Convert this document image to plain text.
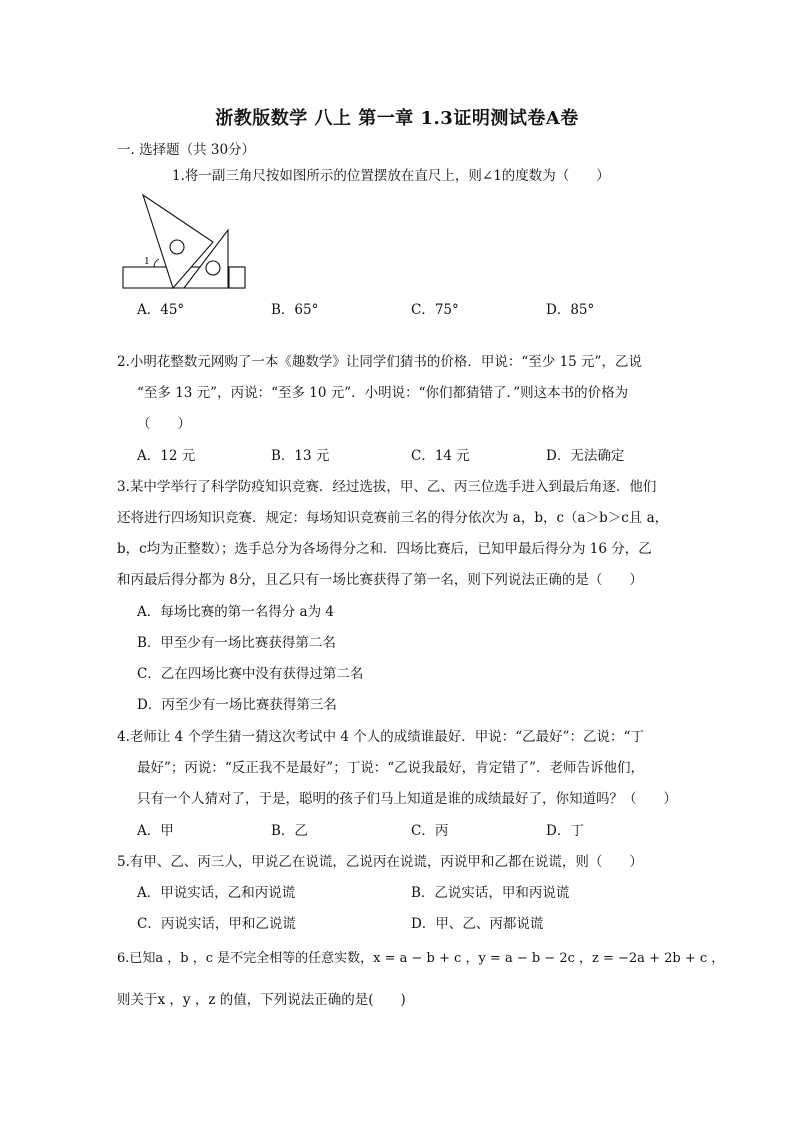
浙教版数学 八上 第一章 1.3证明测试卷A卷
一. 选择题（共 30分）
1.将一副三角尺按如图所示的位置摆放在直尺上，则∠1的度数为（　　）
1
A．45°	B．65°	C．75°	D．85°
2.小明花整数元网购了一本《趣数学》让同学们猜书的价格．甲说：“至少 15 元”，乙说
“至多 13 元”，丙说：“至多 10 元”．小明说：“你们都猜错了．”则这本书的价格为
（　　）
A．12 元	B．13 元	C．14 元	D．无法确定
3.某中学举行了科学防疫知识竞赛．经过选拔，甲、乙、丙三位选手进入到最后角逐．他们
还将进行四场知识竞赛．规定：每场知识竞赛前三名的得分依次为 a，b，c（a＞b＞c且 a，
b，c均为正整数）；选手总分为各场得分之和．四场比赛后，已知甲最后得分为 16 分，乙
和丙最后得分都为 8分，且乙只有一场比赛获得了第一名，则下列说法正确的是（　　）
A．每场比赛的第一名得分 a为 4
B．甲至少有一场比赛获得第二名
C．乙在四场比赛中没有获得过第二名
D．丙至少有一场比赛获得第三名
4.老师让 4 个学生猜一猜这次考试中 4 个人的成绩谁最好．甲说：“乙最好”：乙说：“丁
最好”；丙说：“反正我不是最好”；丁说：“乙说我最好，肯定错了”．老师告诉他们，
只有一个人猜对了，于是，聪明的孩子们马上知道是谁的成绩最好了，你知道吗？（　　）
A．甲	B．乙	C．丙	D．丁
5.有甲、乙、丙三人，甲说乙在说谎，乙说丙在说谎，丙说甲和乙都在说谎，则（　　）
A．甲说实话，乙和丙说谎	B．乙说实话，甲和丙说谎
C．丙说实话，甲和乙说谎	D．甲、乙、丙都说谎
6.已知a ，b ，c 是不完全相等的任意实数，x = a − b + c ，y = a − b − 2c ，z = −2a + 2b + c ，
则关于x ，y ，z 的值，下列说法正确的是(　　)
